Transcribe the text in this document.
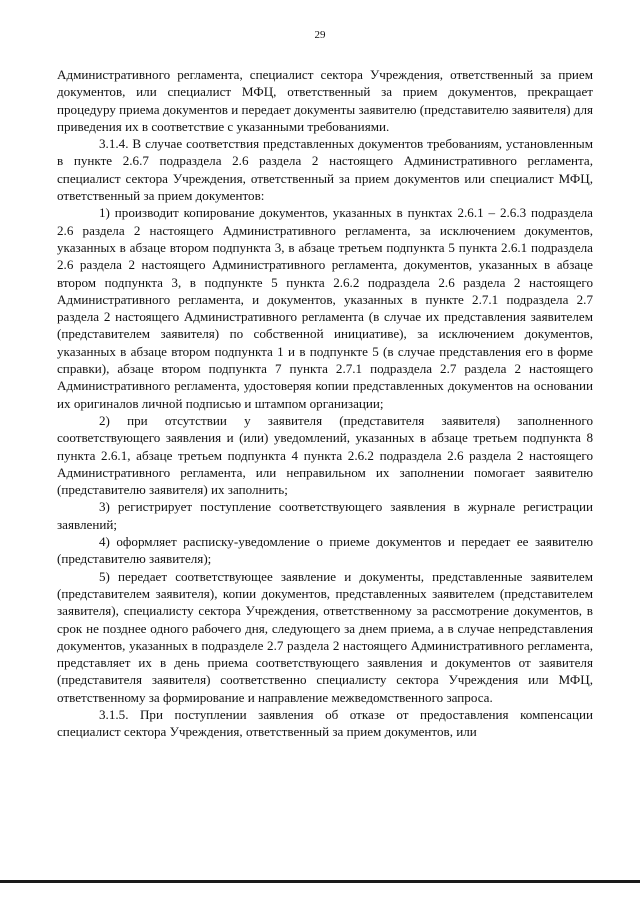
29

Административного регламента, специалист сектора Учреждения, ответственный за прием документов, или специалист МФЦ, ответственный за прием документов, прекращает процедуру приема документов и передает документы заявителю (представителю заявителя) для приведения их в соответствие с указанными требованиями.

3.1.4. В случае соответствия представленных документов требованиям, установленным в пункте 2.6.7 подраздела 2.6 раздела 2 настоящего Административного регламента, специалист сектора Учреждения, ответственный за прием документов или специалист МФЦ, ответственный за прием документов:

1) производит копирование документов, указанных в пунктах 2.6.1 – 2.6.3 подраздела 2.6 раздела 2 настоящего Административного регламента, за исключением документов, указанных в абзаце втором подпункта 3, в абзаце третьем подпункта 5 пункта 2.6.1 подраздела 2.6 раздела 2 настоящего Административного регламента, документов, указанных в абзаце втором подпункта 3, в подпункте 5 пункта 2.6.2 подраздела 2.6 раздела 2 настоящего Административного регламента, и документов, указанных в пункте 2.7.1 подраздела 2.7 раздела 2 настоящего Административного регламента (в случае их представления заявителем (представителем заявителя) по собственной инициативе), за исключением документов, указанных в абзаце втором подпункта 1 и в подпункте 5 (в случае представления его в форме справки), абзаце втором подпункта 7 пункта 2.7.1 подраздела 2.7 раздела 2 настоящего Административного регламента, удостоверяя копии представленных документов на основании их оригиналов личной подписью и штампом организации;

2) при отсутствии у заявителя (представителя заявителя) заполненного соответствующего заявления и (или) уведомлений, указанных в абзаце третьем подпункта 8 пункта 2.6.1, абзаце третьем подпункта 4 пункта 2.6.2 подраздела 2.6 раздела 2 настоящего Административного регламента, или неправильном их заполнении помогает заявителю (представителю заявителя) их заполнить;

3) регистрирует поступление соответствующего заявления в журнале регистрации заявлений;

4) оформляет расписку-уведомление о приеме документов и передает ее заявителю (представителю заявителя);

5) передает соответствующее заявление и документы, представленные заявителем (представителем заявителя), копии документов, представленных заявителем (представителем заявителя), специалисту сектора Учреждения, ответственному за рассмотрение документов, в срок не позднее одного рабочего дня, следующего за днем приема, а в случае непредставления документов, указанных в подразделе 2.7 раздела 2 настоящего Административного регламента, представляет их в день приема соответствующего заявления и документов от заявителя (представителя заявителя) соответственно специалисту сектора Учреждения или МФЦ, ответственному за формирование и направление межведомственного запроса.

3.1.5. При поступлении заявления об отказе от предоставления компенсации специалист сектора Учреждения, ответственный за прием документов, или
